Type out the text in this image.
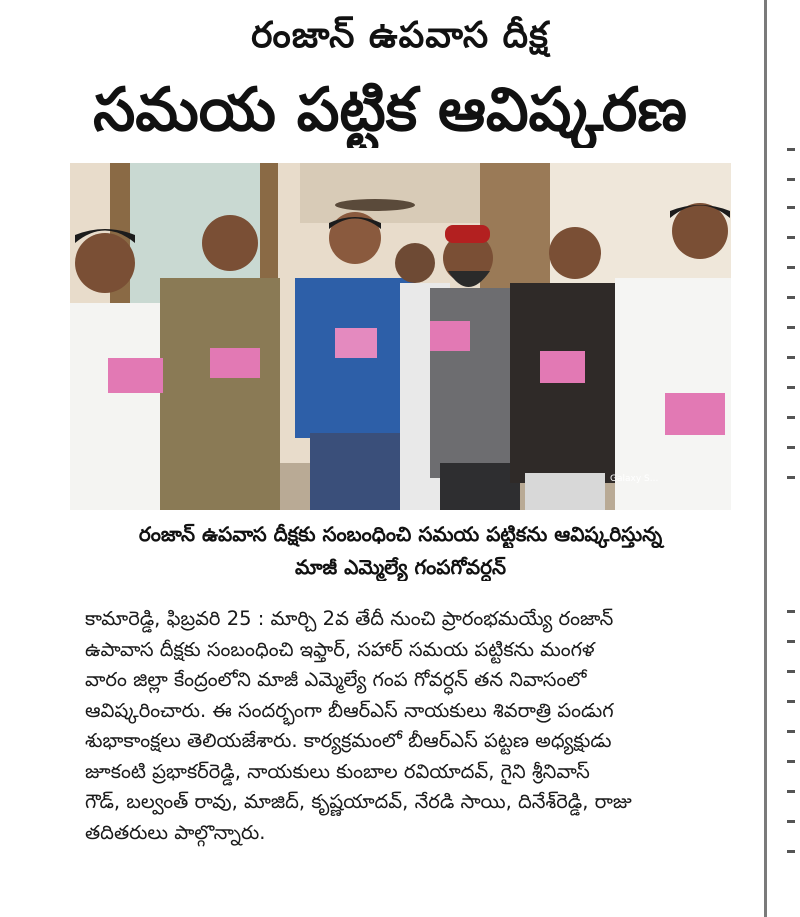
రంజాన్ ఉపవాస దీక్ష
సమయ పట్టిక ఆవిష్కరణ
Galaxy S...
రంజాన్ ఉపవాస దీక్షకు సంబంధించి సమయ పట్టికను ఆవిష్కరిస్తున్న
మాజీ ఎమ్మెల్యే గంపగోవర్ధన్
కామారెడ్డి, ఫిబ్రవరి 25 : మార్చి 2వ తేదీ నుంచి ప్రారంభమయ్యే రంజాన్
ఉపావాస దీక్షకు సంబంధించి ఇఫ్తార్, సహార్ సమయ పట్టికను మంగళ
వారం జిల్లా కేంద్రంలోని మాజీ ఎమ్మెల్యే గంప గోవర్ధన్ తన నివాసంలో
ఆవిష్కరించారు. ఈ సందర్భంగా బీఆర్ఎస్ నాయకులు శివరాత్రి పండుగ
శుభాకాంక్షలు తెలియజేశారు. కార్యక్రమంలో బీఆర్ఎస్ పట్టణ అధ్యక్షుడు
జూకంటి ప్రభాకర్‌రెడ్డి, నాయకులు కుంబాల రవియాదవ్, గైని శ్రీనివాస్
గౌడ్, బల్వంత్ రావు, మాజిద్, కృష్ణయాదవ్, నేరడి సాయి, దినేశ్‌రెడ్డి, రాజు
తదితరులు పాల్గొన్నారు.
